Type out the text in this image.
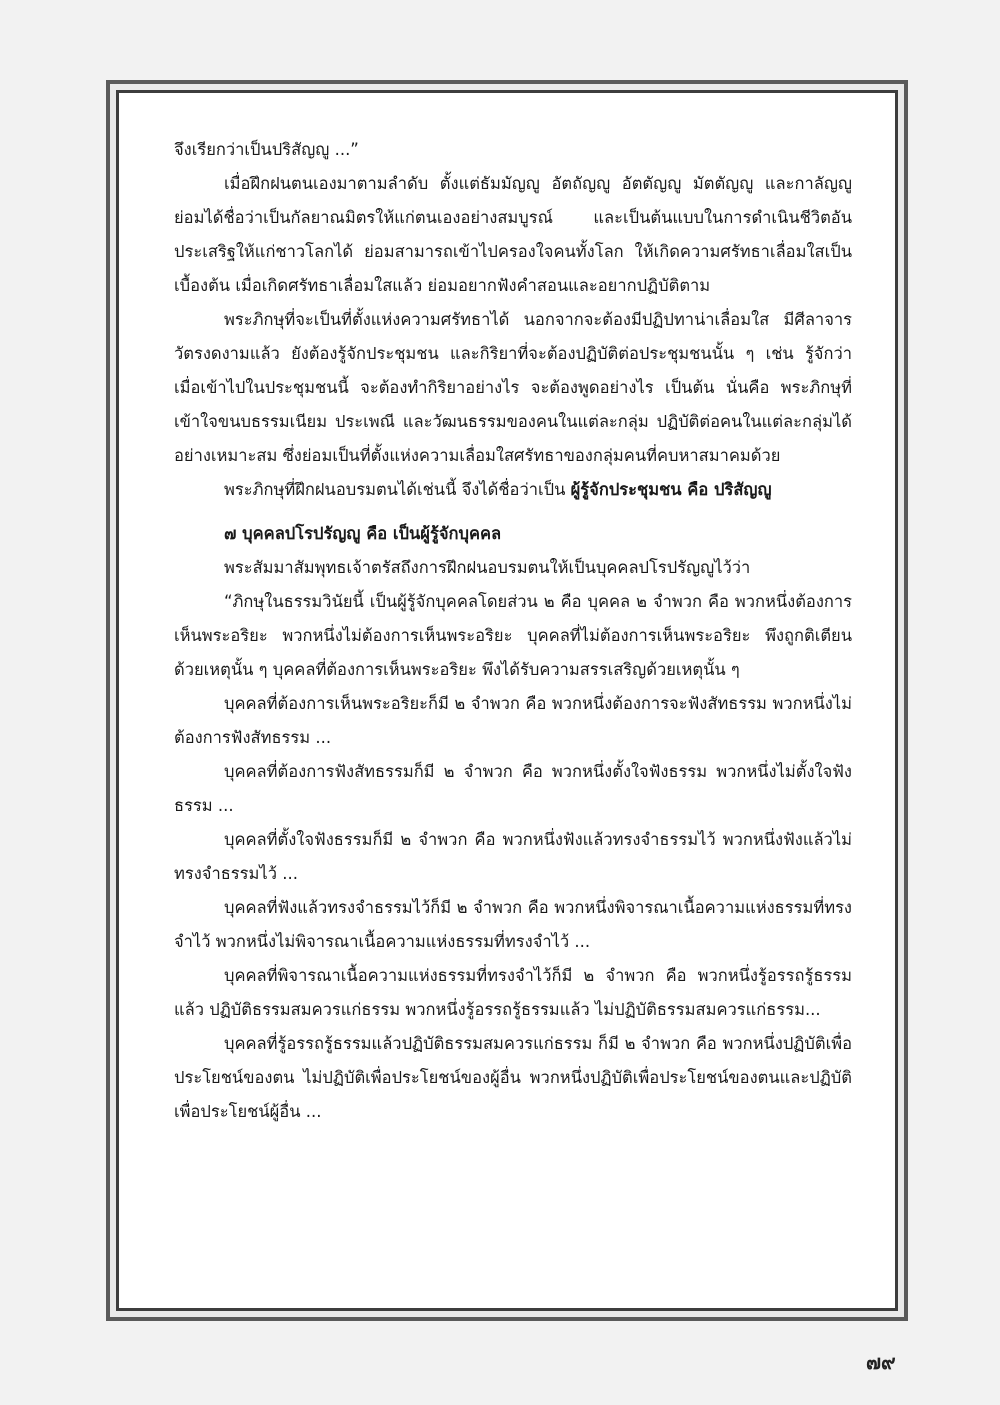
จึงเรียกว่าเป็นปริสัญญู ...”

เมื่อฝึกฝนตนเองมาตามลำดับ ตั้งแต่ธัมมัญญู อัตถัญญู อัตตัญญู มัตตัญญู และกาลัญญู ย่อมได้ชื่อว่าเป็นกัลยาณมิตรให้แก่ตนเองอย่างสมบูรณ์ และเป็นต้นแบบในการดำเนินชีวิตอันประเสริฐให้แก่ชาวโลกได้ ย่อมสามารถเข้าไปครองใจคนทั้งโลก ให้เกิดความศรัทธาเลื่อมใสเป็นเบื้องต้น เมื่อเกิดศรัทธาเลื่อมใสแล้ว ย่อมอยากฟังคำสอนและอยากปฏิบัติตาม

พระภิกษุที่จะเป็นที่ตั้งแห่งความศรัทธาได้ นอกจากจะต้องมีปฏิปทาน่าเลื่อมใส มีศีลาจารวัตรงดงามแล้ว ยังต้องรู้จักประชุมชน และกิริยาที่จะต้องปฏิบัติต่อประชุมชนนั้น ๆ เช่น รู้จักว่า เมื่อเข้าไปในประชุมชนนี้ จะต้องทำกิริยาอย่างไร จะต้องพูดอย่างไร เป็นต้น นั่นคือ พระภิกษุที่เข้าใจขนบธรรมเนียม ประเพณี และวัฒนธรรมของคนในแต่ละกลุ่ม ปฏิบัติต่อคนในแต่ละกลุ่มได้อย่างเหมาะสม ซึ่งย่อมเป็นที่ตั้งแห่งความเลื่อมใสศรัทธาของกลุ่มคนที่คบหาสมาคมด้วย

พระภิกษุที่ฝึกฝนอบรมตนได้เช่นนี้ จึงได้ชื่อว่าเป็น ผู้รู้จักประชุมชน คือ ปริสัญญู

๗ บุคคลปโรปรัญญู คือ เป็นผู้รู้จักบุคคล

พระสัมมาสัมพุทธเจ้าตรัสถึงการฝึกฝนอบรมตนให้เป็นบุคคลปโรปรัญญูไว้ว่า

“ภิกษุในธรรมวินัยนี้ เป็นผู้รู้จักบุคคลโดยส่วน ๒ คือ บุคคล ๒ จำพวก คือ พวกหนึ่งต้องการเห็นพระอริยะ พวกหนึ่งไม่ต้องการเห็นพระอริยะ บุคคลที่ไม่ต้องการเห็นพระอริยะ พึงถูกติเตียนด้วยเหตุนั้น ๆ บุคคลที่ต้องการเห็นพระอริยะ พึงได้รับความสรรเสริญด้วยเหตุนั้น ๆ

บุคคลที่ต้องการเห็นพระอริยะก็มี ๒ จำพวก คือ พวกหนึ่งต้องการจะฟังสัทธรรม พวกหนึ่งไม่ต้องการฟังสัทธรรม ...

บุคคลที่ต้องการฟังสัทธรรมก็มี ๒ จำพวก คือ พวกหนึ่งตั้งใจฟังธรรม พวกหนึ่งไม่ตั้งใจฟังธรรม ...

บุคคลที่ตั้งใจฟังธรรมก็มี ๒ จำพวก คือ พวกหนึ่งฟังแล้วทรงจำธรรมไว้ พวกหนึ่งฟังแล้วไม่ทรงจำธรรมไว้ ...

บุคคลที่ฟังแล้วทรงจำธรรมไว้ก็มี ๒ จำพวก คือ พวกหนึ่งพิจารณาเนื้อความแห่งธรรมที่ทรงจำไว้ พวกหนึ่งไม่พิจารณาเนื้อความแห่งธรรมที่ทรงจำไว้ ...

บุคคลที่พิจารณาเนื้อความแห่งธรรมที่ทรงจำไว้ก็มี ๒ จำพวก คือ พวกหนึ่งรู้อรรถรู้ธรรมแล้ว ปฏิบัติธรรมสมควรแก่ธรรม พวกหนึ่งรู้อรรถรู้ธรรมแล้ว ไม่ปฏิบัติธรรมสมควรแก่ธรรม...

บุคคลที่รู้อรรถรู้ธรรมแล้วปฏิบัติธรรมสมควรแก่ธรรม ก็มี ๒ จำพวก คือ พวกหนึ่งปฏิบัติเพื่อประโยชน์ของตน ไม่ปฏิบัติเพื่อประโยชน์ของผู้อื่น พวกหนึ่งปฏิบัติเพื่อประโยชน์ของตนและปฏิบัติเพื่อประโยชน์ผู้อื่น ...

๗๙
